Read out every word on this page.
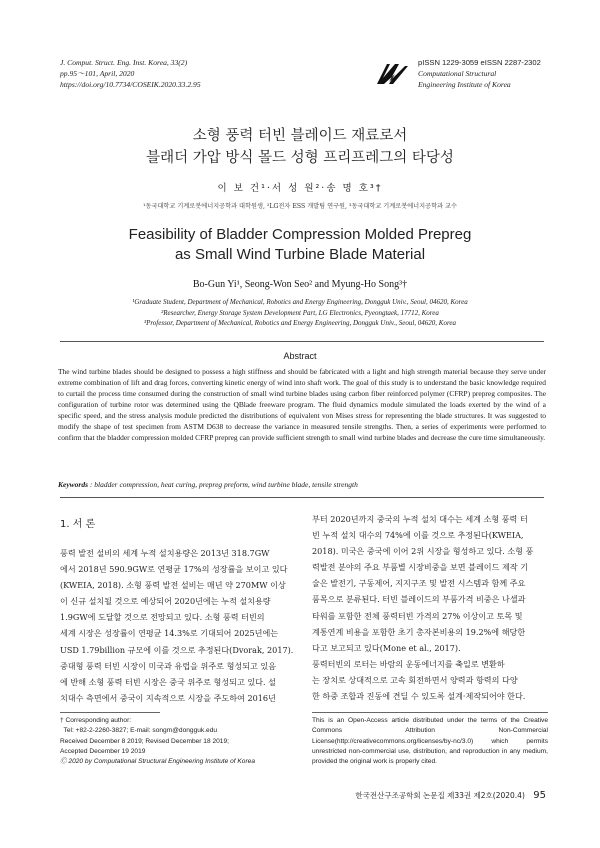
J. Comput. Struct. Eng. Inst. Korea, 33(2)
pp.95～101, April, 2020
https://doi.org/10.7734/COSEIK.2020.33.2.95
pISSN 1229-3059 eISSN 2287-2302
Computational Structural
Engineering Institute of Korea
소형 풍력 터빈 블레이드 재료로서
블래더 가압 방식 몰드 성형 프리프레그의 타당성
이 보 건¹·서 성 원²·송 명 호³†
¹동국대학교 기계로봇에너지공학과 대학원생, ²LG전자 ESS 개발팀 연구원, ³동국대학교 기계로봇에너지공학과 교수
Feasibility of Bladder Compression Molded Prepreg
as Small Wind Turbine Blade Material
Bo-Gun Yi¹, Seong-Won Seo² and Myung-Ho Song³†
¹Graduate Student, Department of Mechanical, Robotics and Energy Engineering, Dongguk Univ., Seoul, 04620, Korea
²Researcher, Energy Storage System Development Part, LG Electronics, Pyeongtaek, 17712, Korea
³Professor, Department of Mechanical, Robotics and Energy Engineering, Dongguk Univ., Seoul, 04620, Korea
Abstract
The wind turbine blades should be designed to possess a high stiffness and should be fabricated with a light and high strength material because they serve under extreme combination of lift and drag forces, converting kinetic energy of wind into shaft work. The goal of this study is to understand the basic knowledge required to curtail the process time consumed during the construction of small wind turbine blades using carbon fiber reinforced polymer (CFRP) prepreg composites. The configuration of turbine rotor was determined using the QBlade freeware program. The fluid dynamics module simulated the loads exerted by the wind of a specific speed, and the stress analysis module predicted the distributions of equivalent von Mises stress for representing the blade structures. It was suggested to modify the shape of test specimen from ASTM D638 to decrease the variance in measured tensile strengths. Then, a series of experiments were performed to confirm that the bladder compression molded CFRP prepreg can provide sufficient strength to small wind turbine blades and decrease the cure time simultaneously.
Keywords : bladder compression, heat curing, prepreg preform, wind turbine blade, tensile strength
1. 서 론
풍력 발전 설비의 세계 누적 설치용량은 2013년 318.7GW
에서 2018년 590.9GW로 연평균 17%의 성장률을 보이고 있다
(KWEIA, 2018). 소형 풍력 발전 설비는 매년 약 270MW 이상
이 신규 설치될 것으로 예상되어 2020년에는 누적 설치용량
1.9GW에 도달할 것으로 전망되고 있다. 소형 풍력 터빈의
세계 시장은 성장률이 연평균 14.3%로 기대되어 2025년에는
USD 1.79billion 규모에 이를 것으로 추정된다(Dvorak, 2017).
중대형 풍력 터빈 시장이 미국과 유럽을 위주로 형성되고 있음
에 반해 소형 풍력 터빈 시장은 중국 위주로 형성되고 있다. 설
치대수 측면에서 중국이 지속적으로 시장을 주도하여 2016년
부터 2020년까지 중국의 누적 설치 대수는 세계 소형 풍력 터
빈 누적 설치 대수의 74%에 이를 것으로 추정된다(KWEIA,
2018). 미국은 중국에 이어 2위 시장을 형성하고 있다. 소형 풍
력발전 분야의 주요 부품별 시장비중을 보면 블레이드 제작 기
술은 발전기, 구동제어, 지지구조 및 발전 시스템과 함께 주요
품목으로 분류된다. 터빈 블레이드의 부품가격 비중은 나셀과
타워를 포함한 전체 풍력터빈 가격의 27% 이상이고 토목 및
계통연계 비용을 포함한 초기 총자본비용의 19.2%에 해당한
다고 보고되고 있다(Mone et al., 2017).
풍력터빈의 로터는 바람의 운동에너지를 축일로 변환하
는 장치로 상대적으로 고속 회전하면서 양력과 항력의 다양
한 하중 조합과 진동에 견딜 수 있도록 설계·제작되어야 한다.
† Corresponding author:
Tel: +82-2-2260-3827; E-mail: songm@dongguk.edu
Received December 8 2019; Revised December 18 2019;
Accepted December 19 2019
Ⓒ 2020 by Computational Structural Engineering Institute of Korea
This is an Open-Access article distributed under the terms of the Creative Commons Attribution Non-Commercial License(http://creativecommons.org/licenses/by-nc/3.0) which permits unrestricted non-commercial use, distribution, and reproduction in any medium, provided the original work is properly cited.
한국전산구조공학회 논문집 제33권 제2호(2020.4) 95
